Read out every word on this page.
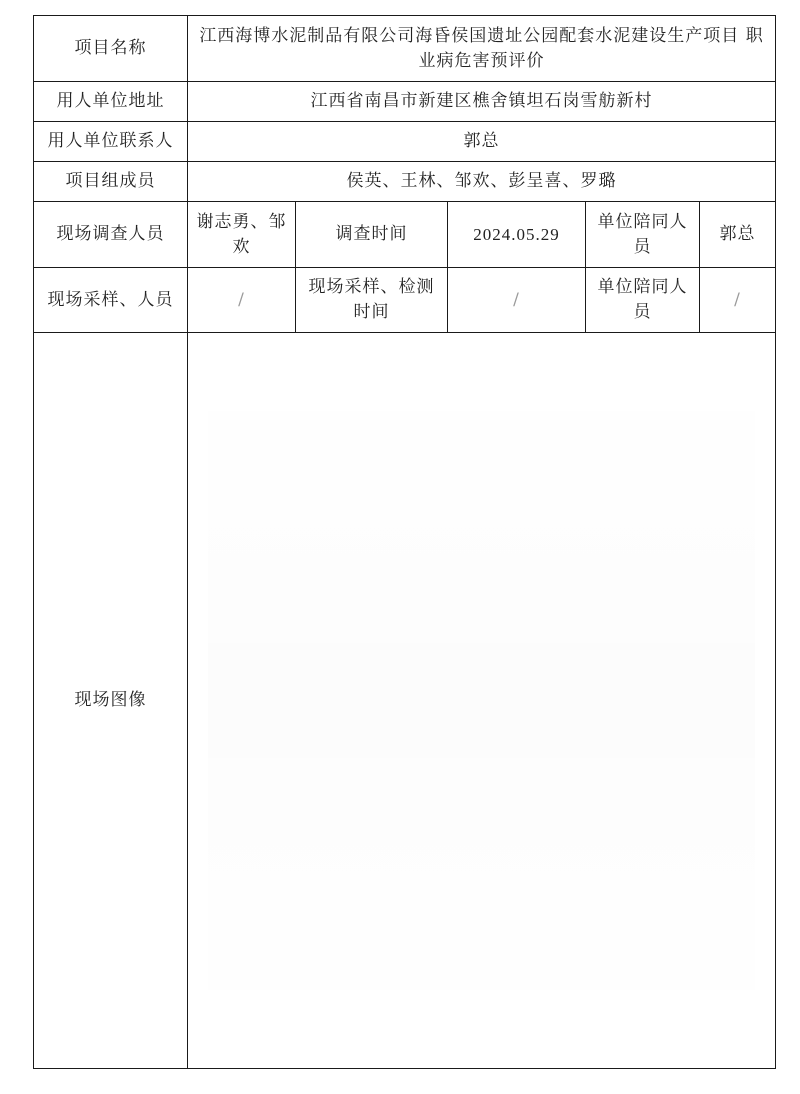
项目名称	江西海博水泥制品有限公司海昏侯国遗址公园配套水泥建设生产项目 职业病危害预评价				
用人单位地址	江西省南昌市新建区樵舍镇坦石岗雪舫新村				
用人单位联系人	郭总				
项目组成员	侯英、王林、邹欢、彭呈喜、罗璐				
现场调查人员	谢志勇、邹欢	调查时间	2024.05.29	单位陪同人员	郭总
现场采样、人员	/	现场采样、检测时间	/	单位陪同人员	/
现场图像					
